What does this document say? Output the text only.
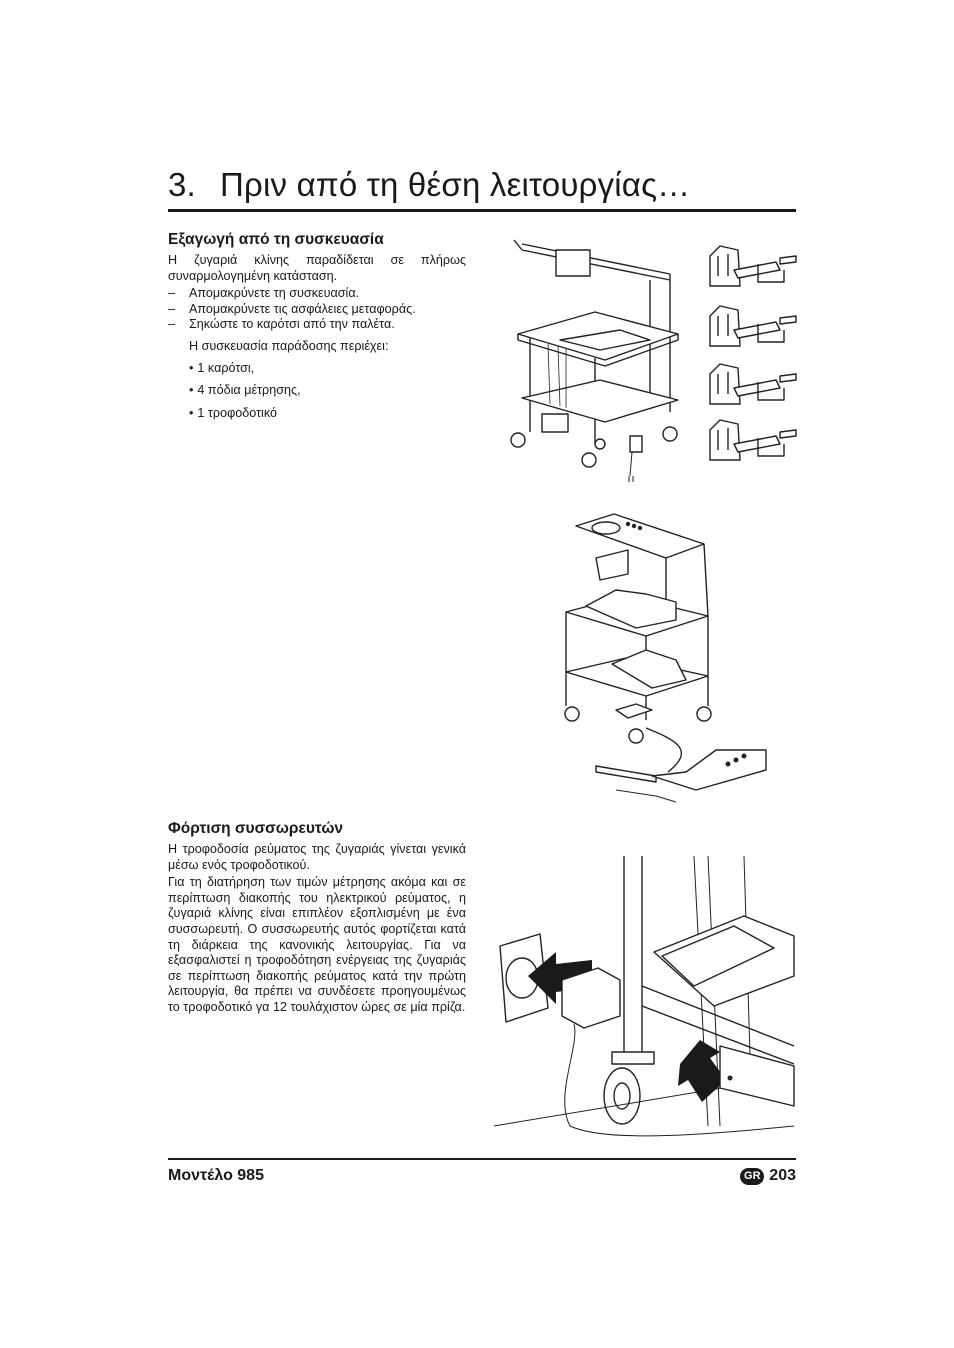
3. Πριν από τη θέση λειτουργίας…
Εξαγωγή από τη συσκευασία

Η ζυγαριά κλίνης παραδίδεται σε πλήρως συναρμολογημένη κατάσταση.

– Απομακρύνετε τη συσκευασία.
– Απομακρύνετε τις ασφάλειες μεταφοράς.
– Σηκώστε το καρότσι από την παλέτα.

Η συσκευασία παράδοσης περιέχει:

• 1 καρότσι,
• 4 πόδια μέτρησης,
• 1 τροφοδοτικό
Φόρτιση συσσωρευτών

Η τροφοδοσία ρεύματος της ζυγαριάς γίνεται γενικά μέσω ενός τροφοδοτικού.

Για τη διατήρηση των τιμών μέτρησης ακόμα και σε περίπτωση διακοπής του ηλεκτρικού ρεύματος, η ζυγαριά κλίνης είναι επιπλέον εξοπλισμένη με ένα συσσωρευτή. Ο συσσωρευτής αυτός φορτίζεται κατά τη διάρκεια της κανονικής λειτουργίας. Για να εξασφαλιστεί η τροφοδότηση ενέργειας της ζυγαριάς σε περίπτωση διακοπής ρεύματος κατά την πρώτη λειτουργία, θα πρέπει να συνδέσετε προηγουμένως το τροφοδοτικό γα 12 τουλάχιστον ώρες σε μία πρίζα.

Μοντέλο 985	GR 203
